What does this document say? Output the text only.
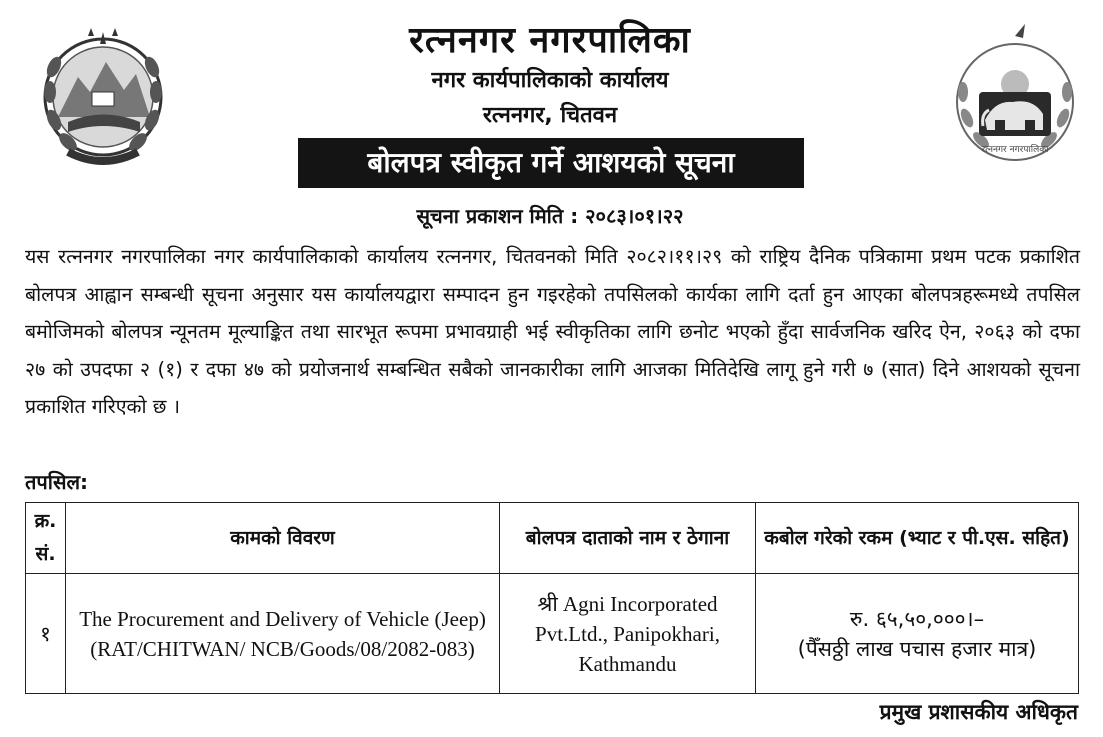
रत्ननगर नगरपालिका
रत्ननगर नगरपालिका
नगर कार्यपालिकाको कार्यालय
रत्ननगर, चितवन
बोलपत्र स्वीकृत गर्ने आशयको सूचना
सूचना प्रकाशन मिति : २०८३।०१।२२

यस रत्ननगर नगरपालिका नगर कार्यपालिकाको कार्यालय रत्ननगर, चितवनको मिति २०८२।११।२९ को राष्ट्रिय दैनिक पत्रिकामा प्रथम पटक प्रकाशित बोलपत्र आह्वान सम्बन्धी सूचना अनुसार यस कार्यालयद्वारा सम्पादन हुन गइरहेको तपसिलको कार्यका लागि दर्ता हुन आएका बोलपत्रहरूमध्ये तपसिल बमोजिमको बोलपत्र न्यूनतम मूल्याङ्कित तथा सारभूत रूपमा प्रभावग्राही भई स्वीकृतिका लागि छनोट भएको हुँदा सार्वजनिक खरिद ऐन, २०६३ को दफा २७ को उपदफा २ (१) र दफा ४७ को प्रयोजनार्थ सम्बन्धित सबैको जानकारीका लागि आजका मितिदेखि लागू हुने गरी ७ (सात) दिने आशयको सूचना प्रकाशित गरिएको छ ।

तपसिल:
क्र. सं.	कामको विवरण	बोलपत्र दाताको नाम र ठेगाना	कबोल गरेको रकम (भ्याट र पी.एस. सहित)
१	The Procurement and Delivery of Vehicle (Jeep) (RAT/CHITWAN/ NCB/Goods/08/2082-083)	श्री Agni Incorporated Pvt.Ltd., Panipokhari, Kathmandu	रु. ६५,५०,०००।–
(पैँसठ्ठी लाख पचास हजार मात्र)
प्रमुख प्रशासकीय अधिकृत
